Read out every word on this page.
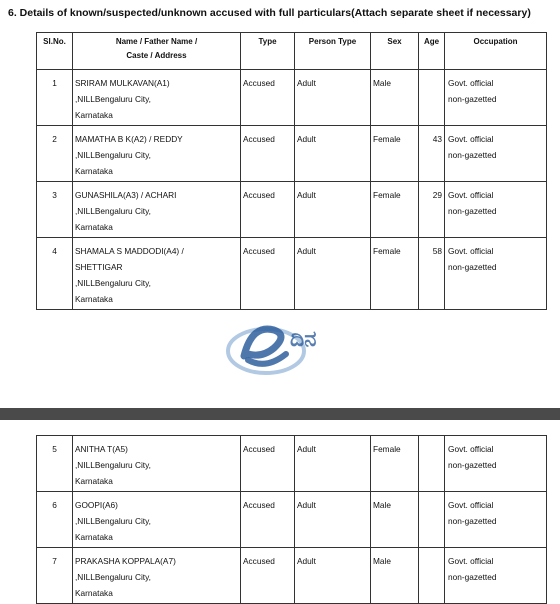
6. Details of known/suspected/unknown accused with full particulars(Attach separate sheet if necessary)
Sl.No.	Name / Father Name /
Caste / Address	Type	Person Type	Sex	Age	Occupation

1	SRIRAM MULKAVAN(A1)
,NILLBengaluru City,
Karnataka	Accused	Adult	Male		Govt. official
non-gazetted

2	MAMATHA B K(A2) / REDDY
,NILLBengaluru City,
Karnataka	Accused	Adult	Female	43	Govt. official
non-gazetted

3	GUNASHILA(A3) / ACHARI
,NILLBengaluru City,
Karnataka	Accused	Adult	Female	29	Govt. official
non-gazetted

4	SHAMALA S MADDODI(A4) /
SHETTIGAR
,NILLBengaluru City,
Karnataka	Accused	Adult	Female	58	Govt. official
non-gazetted
ದಿನ
5	ANITHA T(A5)
,NILLBengaluru City,
Karnataka	Accused	Adult	Female		Govt. official
non-gazetted

6	GOOPI(A6)
,NILLBengaluru City,
Karnataka	Accused	Adult	Male		Govt. official
non-gazetted

7	PRAKASHA KOPPALA(A7)
,NILLBengaluru City,
Karnataka	Accused	Adult	Male		Govt. official
non-gazetted
